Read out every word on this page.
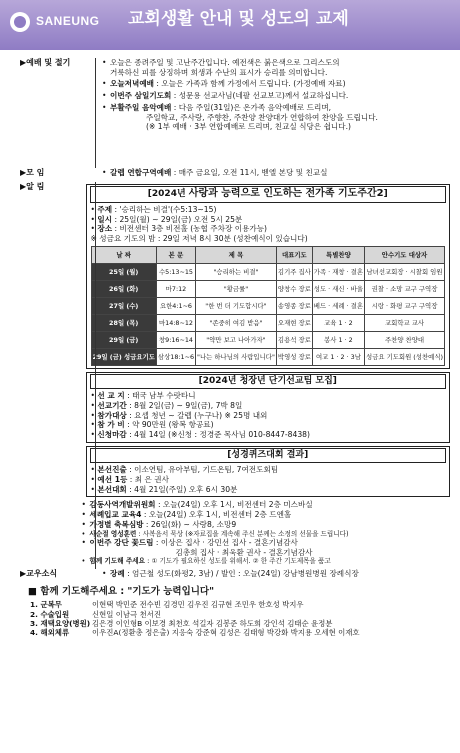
SANEUNG 교회생활 안내 및 성도의 교제
▶예배 및 절기	• 오늘은 종려주일 및 고난주간입니다. 예전색은 붉은색으로 그리스도의
거룩하신 피를 상징하며 희생과 수난의 표시가 승리를 의미합니다.
• 오늘저녁예배 : 오늘은 가족과 함께 가정에서 드립니다. (가정예배 자료)
• 이번주 삼일기도회 : 성문용 선교사님(네팔 선교보고)께서 설교하십니다.
• 부활주일 음악예배 : 다음 주일(31일)은 온가족 음악예배로 드리며,
주일학교, 주사랑, 주향찬, 주찬양 찬양대가 연합하여 찬양을 드립니다.
(※ 1부 예배 · 3부 연합예배로 드리며, 친교실 식당은 쉽니다.)
▶모 임	• 갈렙 연합구역예배 : 매주 금요일, 오전 11시, 벧엘 본당 및 친교실
▶알 림
[2024년 사랑과 능력으로 인도하는 전가족 기도주간2]
• 주제 : '승리하는 비결'(수5:13~15)
• 일시 : 25일(월) ~ 29일(금) 오전 5시 25분
• 장소 : 비전센터 3층 비전홀 (농협 주차장 이용가능)
※ 성금요 기도의 밤 : 29일 저녁 8시 30분 (성찬예식이 있습니다)
날 짜	본 문	제 목	대표기도	특별찬양	안수기도 대상자
25일 (월)	수5:13~15	"승리하는 비결"	김기주 집사	가족 · 재창 · 결혼	남녀선교회장 · 시찰회 임원
26일 (화)	마7:12	"황금률"	양창수 장로	성도 · 새신 · 바울	권찰 · 소망 교구 구역장
27일 (수)	요한4:1~6	"한 번 더 기도합시다"	송영종 장로	베드 · 세례 · 결혼	시랑 · 화평 교구 구역장
28일 (목)	마14:8~12	"존중히 여김 받음"	오재현 장로	교육 1 · 2	교회학교 교사
29일 (금)	창9:16~14	"약만 보고 나아가자"	김용석 장로	봉사 1 · 2	주찬양 찬양대
29일 (금) 성금요기도	삼상18:1~6	"나는 하나님의 사람입니다"	박영성 장로	여교 1 · 2 · 3남	성금요 기도회원 (성찬예식)
[2024년 청장년 단기선교팀 모집]
• 선 교 지 : 태국 남부 수랏타니
• 선교기간 : 8월 2일(금) ~ 9일(금), 7박 8일
• 참가대상 : 요셉 청년 ~ 갈렙 (누구나) ※ 25명 내외
• 참 가 비 : 약 90만원 (왕복 항공료)
• 신청마감 : 4월 14일 (※신청 : 정경준 목사님 010-8447-8438)
[성경퀴즈대회 결과]
• 본선진출 : 이소연팀, 유아부팀, 기드온팀, 7여전도회팀
• 예선 1등 : 최 은 권사
• 본선대회 : 4월 21일(주일) 오후 6시 30분
• 감동사역개발위원회 : 오늘(24일) 오후 1시, 비전센터 2층 미스바실
• 세례입교 교육4 : 오늘(24일) 오후 1시, 비전센터 2층 드엔홀
• 가정별 축복심방 : 26일(화) ~ 사랑8, 소망9
• 사순절 영성훈련 : 사복음서 묵상 (※자료집을 계속해 주신 분께는 소정의 선물을 드립니다)
• 이번주 강단 꽃드림 : 이상은 집사 · 강민선 집사 - 결혼기념감사
김총희 집사 · 최욱환 권사 - 결혼기념감사
• 함께 기도해 주세요 : ① 기도가 필요하신 성도를 위해서. ② 한 주간 기도제목을 품고
▶교우소식	• 장례 : 엄근철 성도(화평2, 3남) / 발인 : 오늘(24일) 강남병원병원 장례식장
■ 함께 기도해주세요 : "기도가 능력입니다"
1. 군복무	이현택 박민준 전수빈 김경민 김우진 김규현 조민우 한호성 박지우
2. 수술입원	신현일 이남극 천서진
3. 재택요양(병원) 김은경 이인형B 이보경 최천호 석길자 김봉준 하도희 강인석 김태순 윤정분
4. 해외체류	이우진A(정환총 정은출) 지응숙 강준혁 김성은 김태형 박강화 박지용 오세현 이재호
